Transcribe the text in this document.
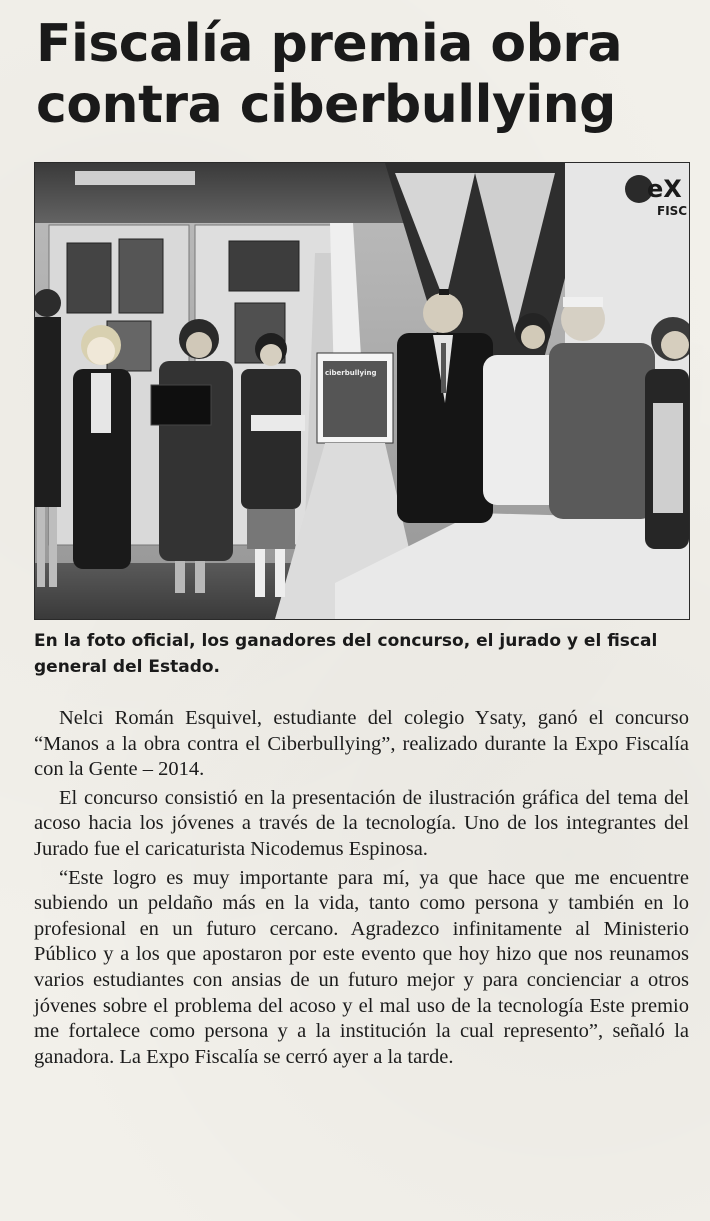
Fiscalía premia obra contra ciberbullying
eX
FISC
ciberbullying

En la foto oficial, los ganadores del concurso, el jurado y el fiscal general del Estado.

Nelci Román Esquivel, estudiante del colegio Ysaty, ganó el concurso “Manos a la obra contra el Ciberbullying”, realizado durante la Expo Fiscalía con la Gente – 2014.

El concurso consistió en la presentación de ilustración gráfica del tema del acoso hacia los jóvenes a través de la tecnología. Uno de los integrantes del Jurado fue el caricaturista Nicodemus Espinosa.

“Este logro es muy importante para mí, ya que hace que me encuentre subiendo un peldaño más en la vida, tanto como persona y también en lo profesional en un futuro cercano. Agradezco infinitamente al Ministerio Público y a los que apostaron por este evento que hoy hizo que nos reunamos varios estudiantes con ansias de un futuro mejor y para concienciar a otros jóvenes sobre el problema del acoso y el mal uso de la tecnología Este premio me fortalece como persona y a la institución la cual represento”, señaló la ganadora. La Expo Fiscalía se cerró ayer a la tarde.
